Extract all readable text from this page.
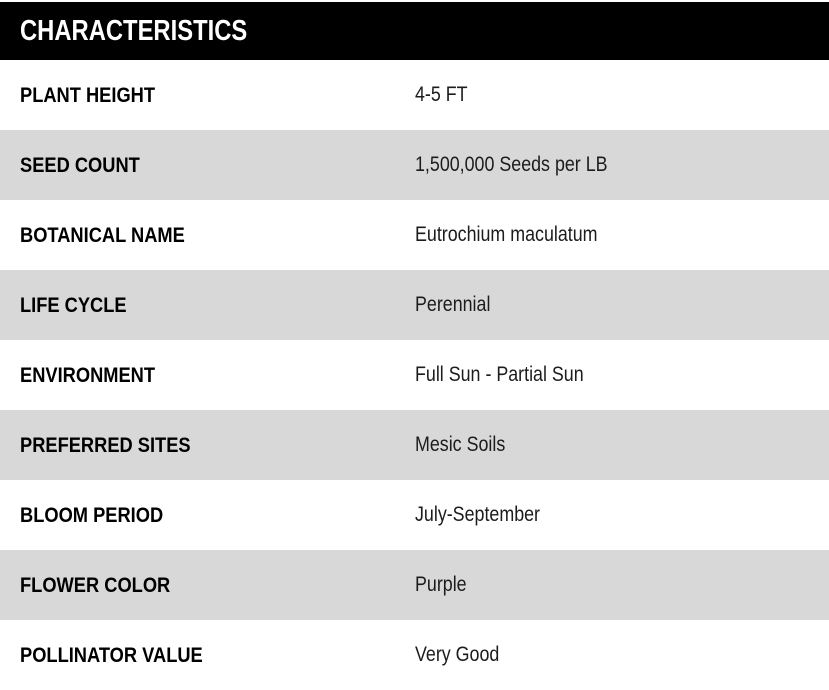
CHARACTERISTICS
PLANT HEIGHT	4-5 FT
SEED COUNT	1,500,000 Seeds per LB
BOTANICAL NAME	Eutrochium maculatum
LIFE CYCLE	Perennial
ENVIRONMENT	Full Sun - Partial Sun
PREFERRED SITES	Mesic Soils
BLOOM PERIOD	July-September
FLOWER COLOR	Purple
POLLINATOR VALUE	Very Good
